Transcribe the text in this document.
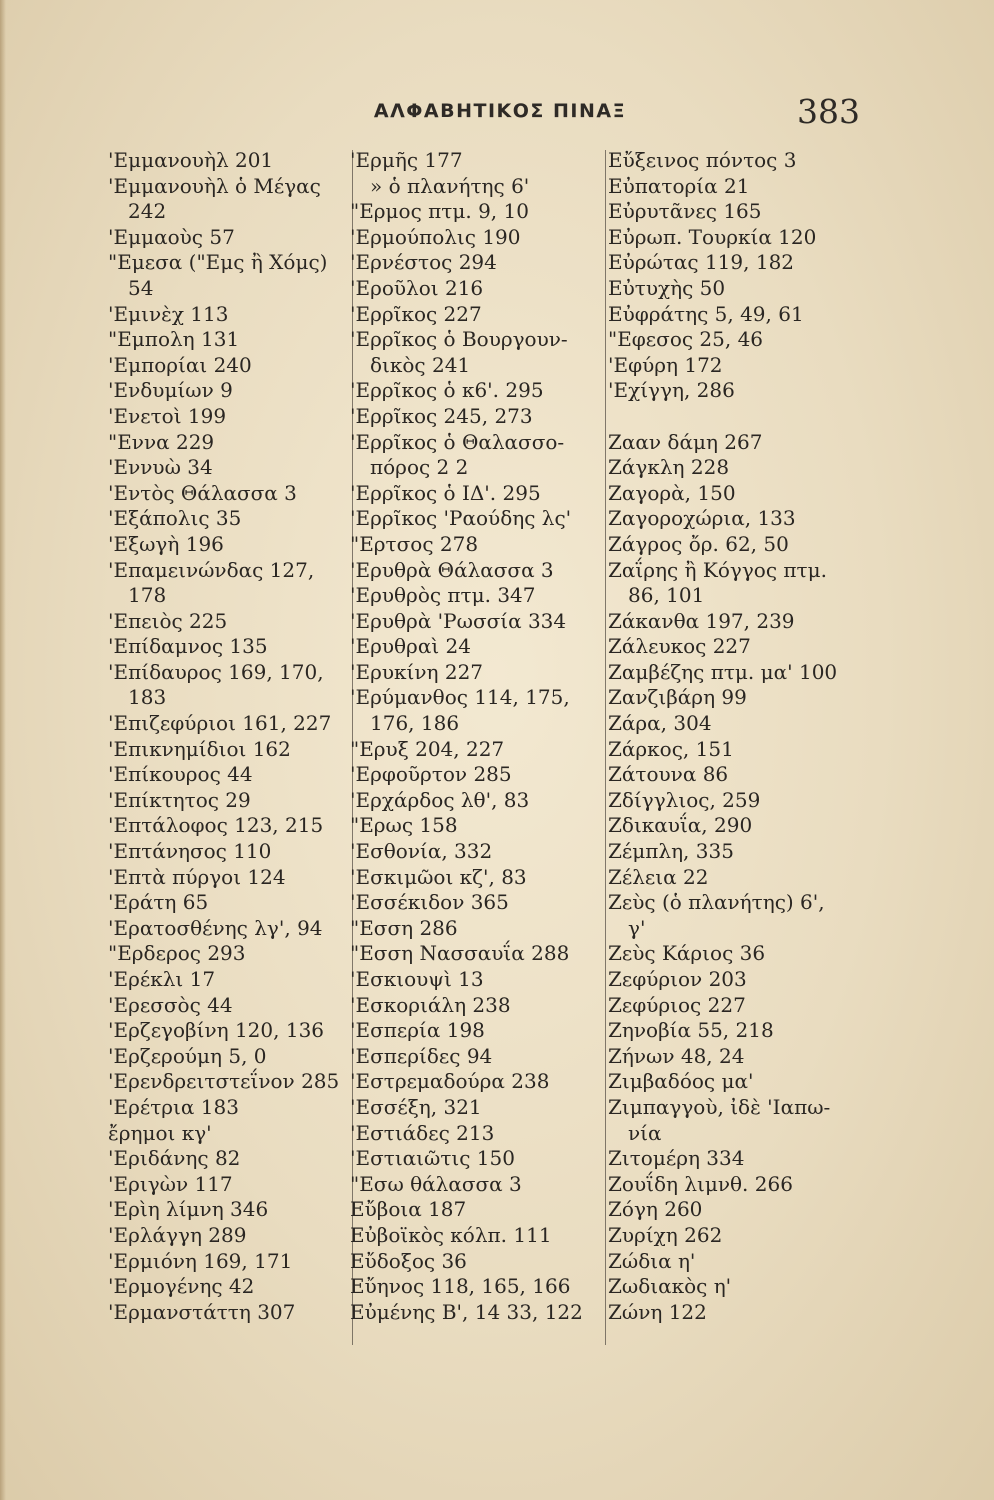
ΑΛΦΑΒΗΤΙΚΟΣ ΠΙΝΑΞ	383
'Εμμανουὴλ 201
'Εμμανουὴλ ὁ Μέγας
242
'Εμμαοὺς 57
"Εμεσα ("Εμς ἢ Χόμς)
54
'Εμινὲχ 113
"Εμπολη 131
'Εμπορίαι 240
'Ενδυμίων 9
'Ενετοὶ 199
"Εννα 229
'Εννυὼ 34
'Εντὸς Θάλασσα 3
'Εξάπολις 35
'Εξωγὴ 196
'Επαμεινώνδας 127,
178
'Επειὸς 225
'Επίδαμνος 135
'Επίδαυρος 169, 170,
183
'Επιζεφύριοι 161, 227
'Επικνημίδιοι 162
'Επίκουρος 44
'Επίκτητος 29
'Επτάλοφος 123, 215
'Επτάνησος 110
'Επτὰ πύργοι 124
'Εράτη 65
'Ερατοσθένης λγ', 94
"Ερδερος 293
'Ερέκλι 17
'Ερεσσὸς 44
'Ερζεγοβίνη 120, 136
'Ερζερούμη 5, 0
'Ερενδρειτστεΐνον 285
'Ερέτρια 183
ἔρημοι κγ'
'Εριδάνης 82
'Εριγὼν 117
'Ερὶη λίμνη 346
'Ερλάγγη 289
'Ερμιόνη 169, 171
'Ερμογένης 42
'Ερμανστάττη 307
'Ερμῆς 177
» ὁ πλανήτης 6'
"Ερμος πτμ. 9, 10
'Ερμούπολις 190
'Ερνέστος 294
'Εροῦλοι 216
'Ερρῖκος 227
'Ερρῖκος ὁ Βουργουν-
δικὸς 241
'Ερρῖκος ὁ κ6'. 295
'Ερρῖκος 245, 273
'Ερρῖκος ὁ Θαλασσο-
πόρος 2 2
'Ερρῖκος ὁ ΙΔ'. 295
'Ερρῖκος 'Ραούδης λς'
"Ερτσος 278
'Ερυθρὰ Θάλασσα 3
'Ερυθρὸς πτμ. 347
'Ερυθρὰ 'Ρωσσία 334
'Ερυθραὶ 24
'Ερυκίνη 227
'Ερύμανθος 114, 175,
176, 186
"Ερυξ 204, 227
'Ερφοῦρτον 285
'Ερχάρδος λθ', 83
"Ερως 158
'Εσθονία, 332
'Εσκιμῶοι κζ', 83
'Εσσέκιδον 365
"Εσση 286
"Εσση Νασσαυΐα 288
'Εσκιουψὶ 13
'Εσκοριάλη 238
'Εσπερία 198
'Εσπερίδες 94
'Εστρεμαδούρα 238
'Εσσέξη, 321
'Εστιάδες 213
'Εστιαιῶτις 150
"Εσω θάλασσα 3
Εὔβοια 187
Εὐβοϊκὸς κόλπ. 111
Εὔδοξος 36
Εὔηνος 118, 165, 166
Εὐμένης Β', 14 33, 122
Εὔξεινος πόντος 3
Εὐπατορία 21
Εὐρυτᾶνες 165
Εὐρωπ. Τουρκία 120
Εὐρώτας 119, 182
Εὐτυχὴς 50
Εὐφράτης 5, 49, 61
"Εφεσος 25, 46
'Εφύρη 172
'Εχίγγη, 286
Ζααν δάμη 267
Ζάγκλη 228
Ζαγορὰ, 150
Ζαγοροχώρια, 133
Ζάγρος ὄρ. 62, 50
Ζαΐρης ἢ Κόγγος πτμ.
86, 101
Ζάκανθα 197, 239
Ζάλευκος 227
Ζαμβέζης πτμ. μα' 100
Ζανζιβάρη 99
Ζάρα, 304
Ζάρκος, 151
Ζάτουνα 86
Ζδίγγλιος, 259
Ζδικαυΐα, 290
Ζέμπλη, 335
Ζέλεια 22
Ζεὺς (ὁ πλανήτης) 6',
γ'
Ζεὺς Κάριος 36
Ζεφύριον 203
Ζεφύριος 227
Ζηνοβία 55, 218
Ζήνων 48, 24
Ζιμβαδόος μα'
Ζιμπαγγοὺ, ἰδὲ 'Ιαπω-
νία
Ζιτομέρη 334
Ζουΐδη λιμνθ. 266
Ζόγη 260
Ζυρίχη 262
Ζώδια η'
Ζωδιακὸς η'
Ζώνη 122
